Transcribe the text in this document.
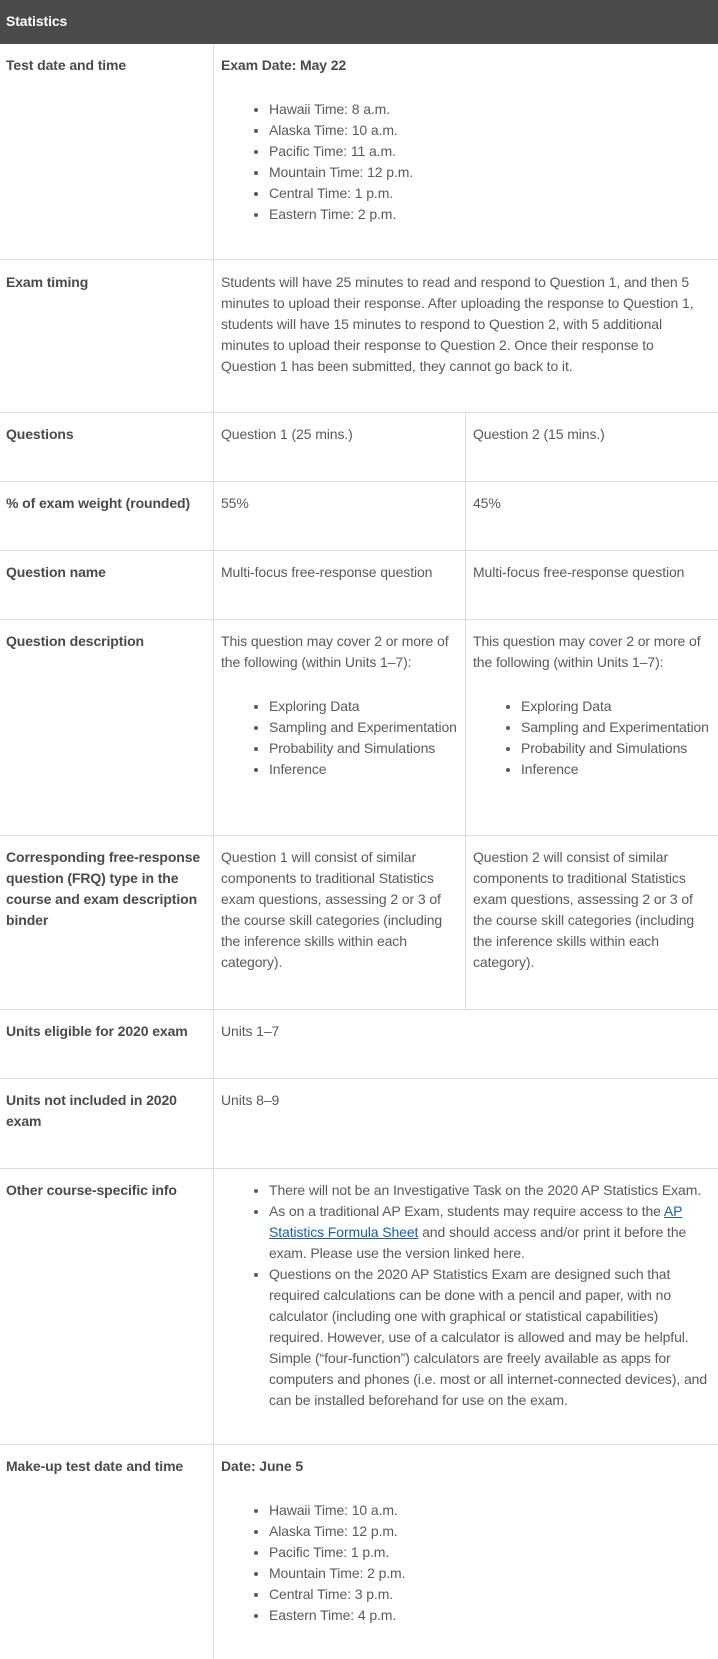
Statistics
Test date and time	Exam Date: May 22
• Hawaii Time: 8 a.m.
• Alaska Time: 10 a.m.
• Pacific Time: 11 a.m.
• Mountain Time: 12 p.m.
• Central Time: 1 p.m.
• Eastern Time: 2 p.m.
Exam timing	Students will have 25 minutes to read and respond to Question 1, and then 5 minutes to upload their response. After uploading the response to Question 1, students will have 15 minutes to respond to Question 2, with 5 additional minutes to upload their response to Question 2. Once their response to Question 1 has been submitted, they cannot go back to it.
Questions	Question 1 (25 mins.)	Question 2 (15 mins.)
% of exam weight (rounded)	55%	45%
Question name	Multi-focus free-response question	Multi-focus free-response question
Question description	This question may cover 2 or more of the following (within Units 1–7):
• Exploring Data
• Sampling and Experimentation
• Probability and Simulations
• Inference
This question may cover 2 or more of the following (within Units 1–7):
• Exploring Data
• Sampling and Experimentation
• Probability and Simulations
• Inference
Corresponding free-response question (FRQ) type in the course and exam description binder
Question 1 will consist of similar components to traditional Statistics exam questions, assessing 2 or 3 of the course skill categories (including the inference skills within each category).
Question 2 will consist of similar components to traditional Statistics exam questions, assessing 2 or 3 of the course skill categories (including the inference skills within each category).
Units eligible for 2020 exam	Units 1–7
Units not included in 2020 exam
Units 8–9
Other course-specific info
•	There will not be an Investigative Task on the 2020 AP Statistics Exam.
• As on a traditional AP Exam, students may require access to the AP Statistics Formula Sheet and should access and/or print it before the exam. Please use the version linked here.
• Questions on the 2020 AP Statistics Exam are designed such that required calculations can be done with a pencil and paper, with no calculator (including one with graphical or statistical capabilities) required. However, use of a calculator is allowed and may be helpful. Simple (“four-function”) calculators are freely available as apps for computers and phones (i.e. most or all internet-connected devices), and can be installed beforehand for use on the exam.
Make-up test date and time	Date: June 5
• Hawaii Time: 10 a.m.
• Alaska Time: 12 p.m.
• Pacific Time: 1 p.m.
• Mountain Time: 2 p.m.
• Central Time: 3 p.m.
• Eastern Time: 4 p.m.
